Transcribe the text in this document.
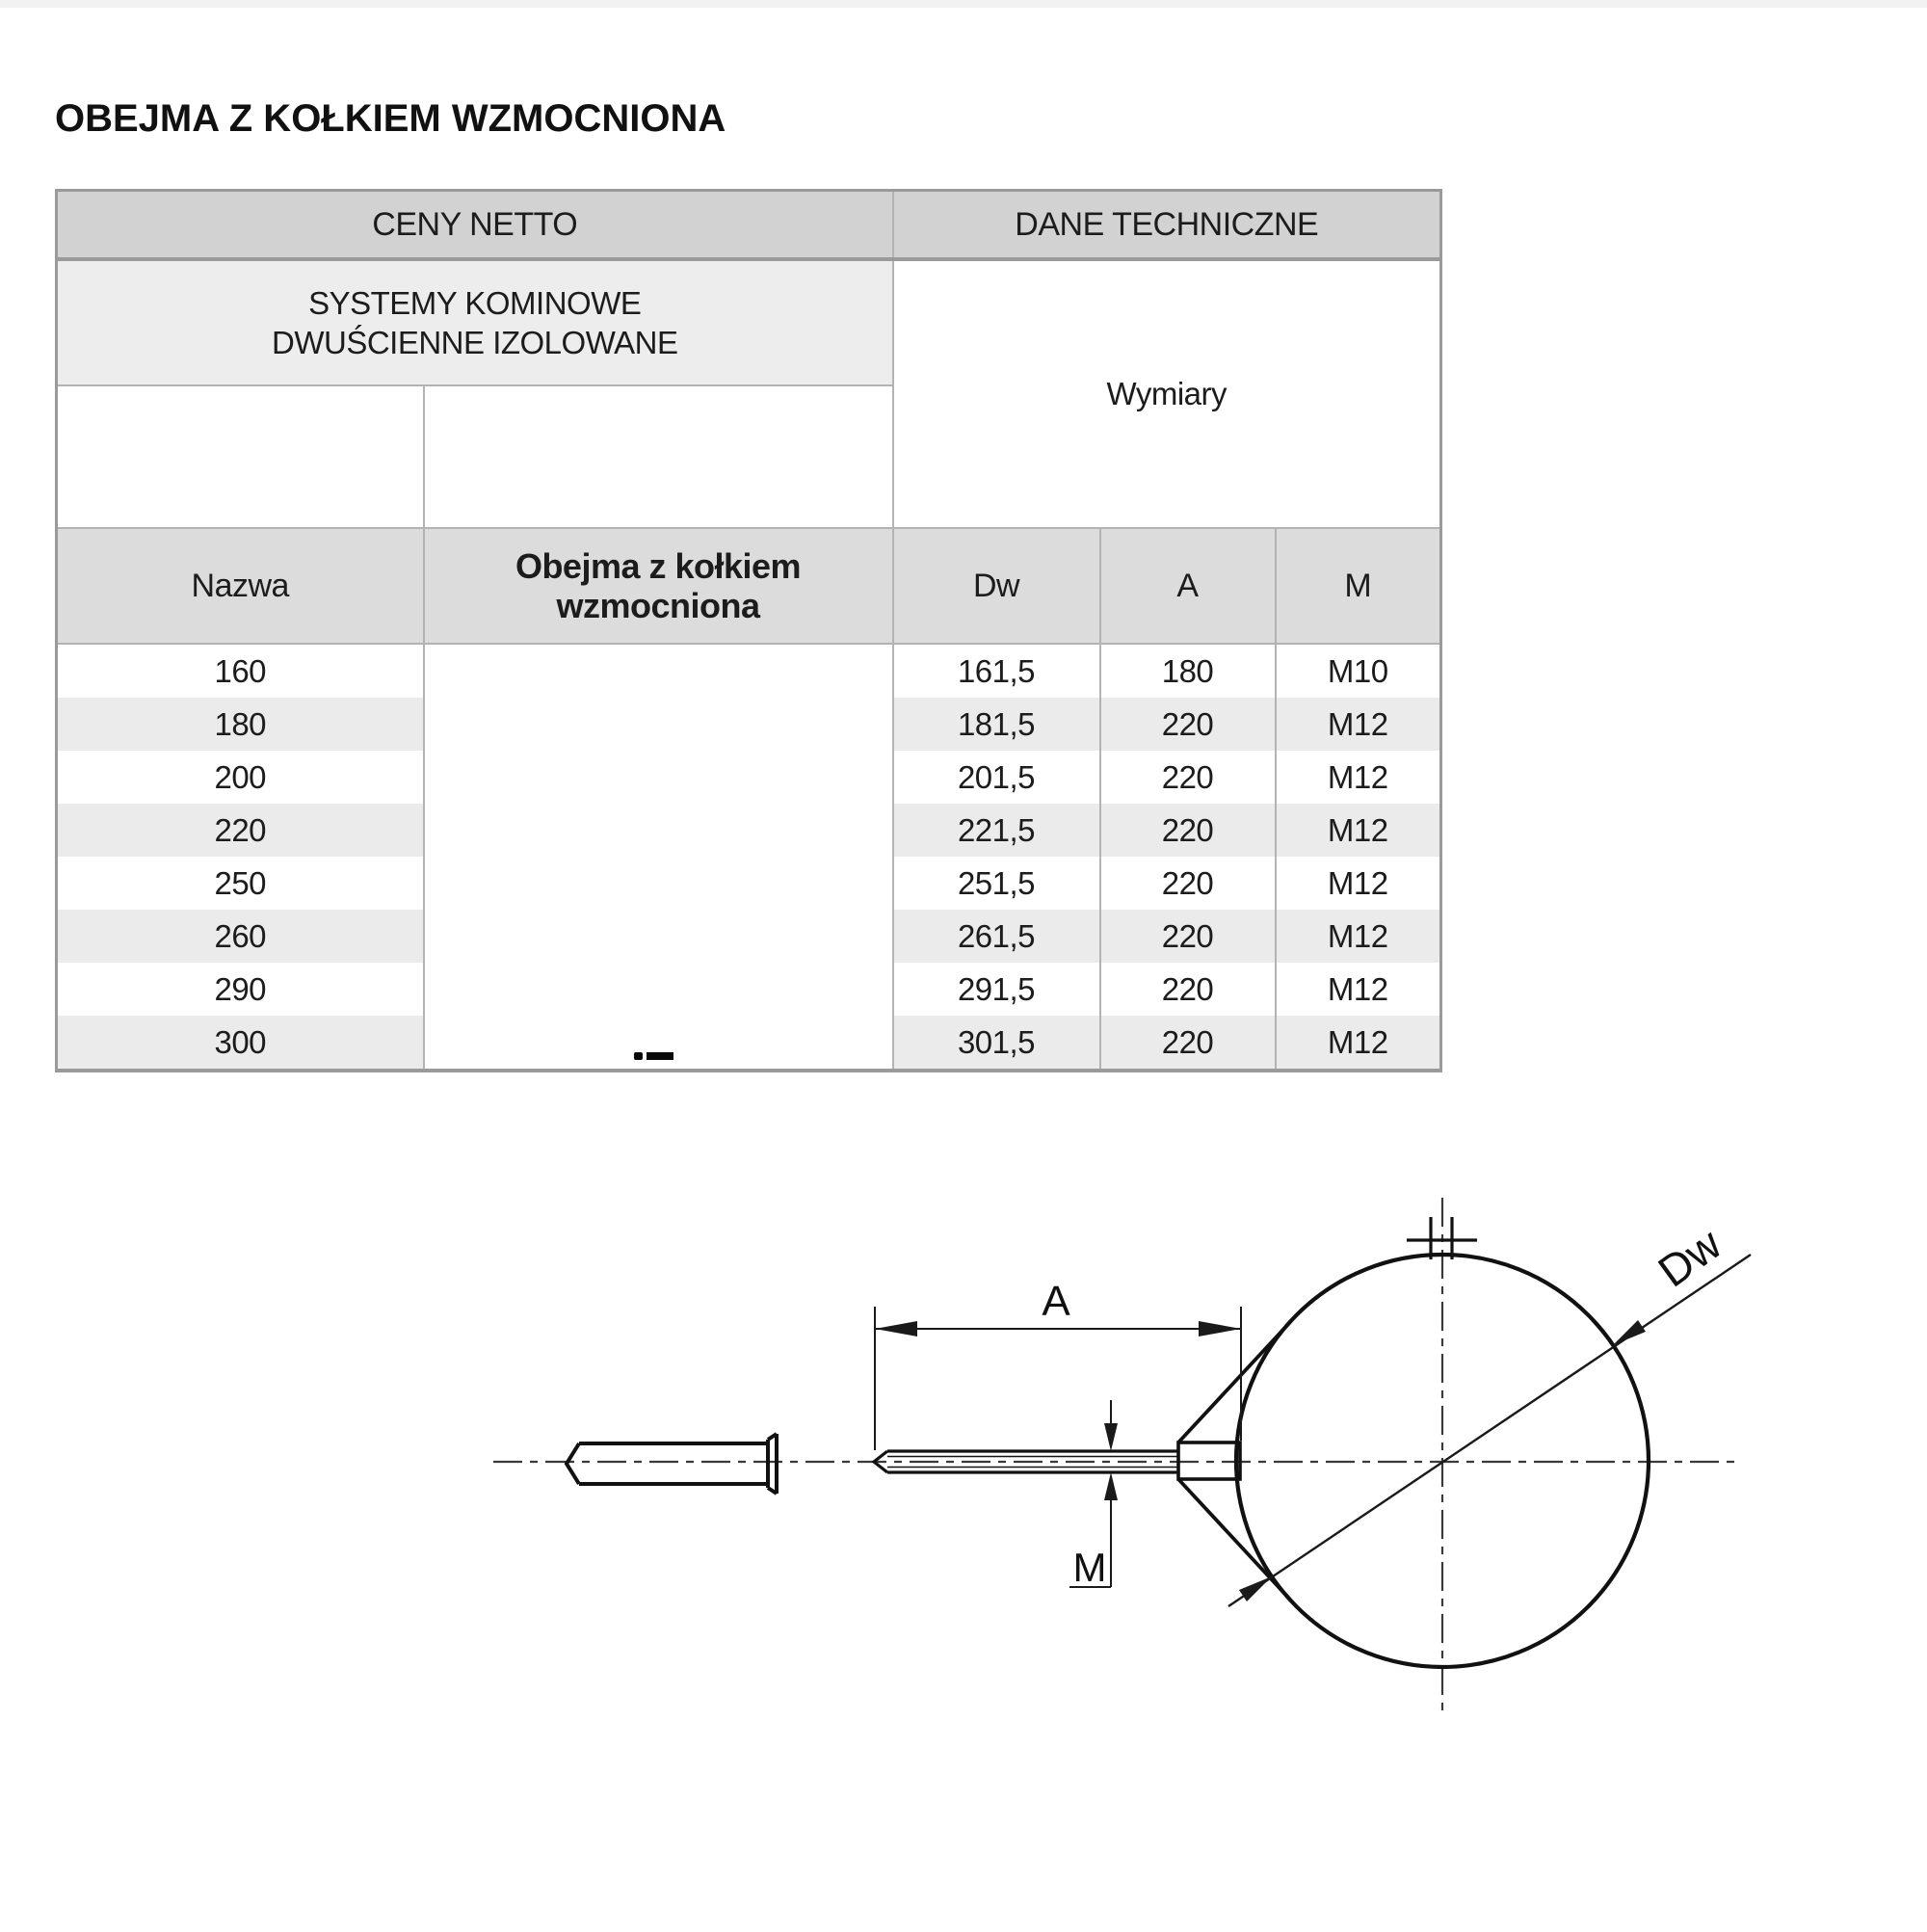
OBEJMA Z KOŁKIEM WZMOCNIONA
CENY NETTO		DANE TECHNICZNE		

SYSTEMY KOMINOWE
DWUŚCIENNE IZOLOWANE		Wymiary		

Nazwa	Obejma z kołkiem wzmocniona	Dw	A	M
160		161,5	180	M10
180		181,5	220	M12
200		201,5	220	M12
220		221,5	220	M12
250		251,5	220	M12
260		261,5	220	M12
290		291,5	220	M12
300		301,5	220	M12
A
M
Dw
